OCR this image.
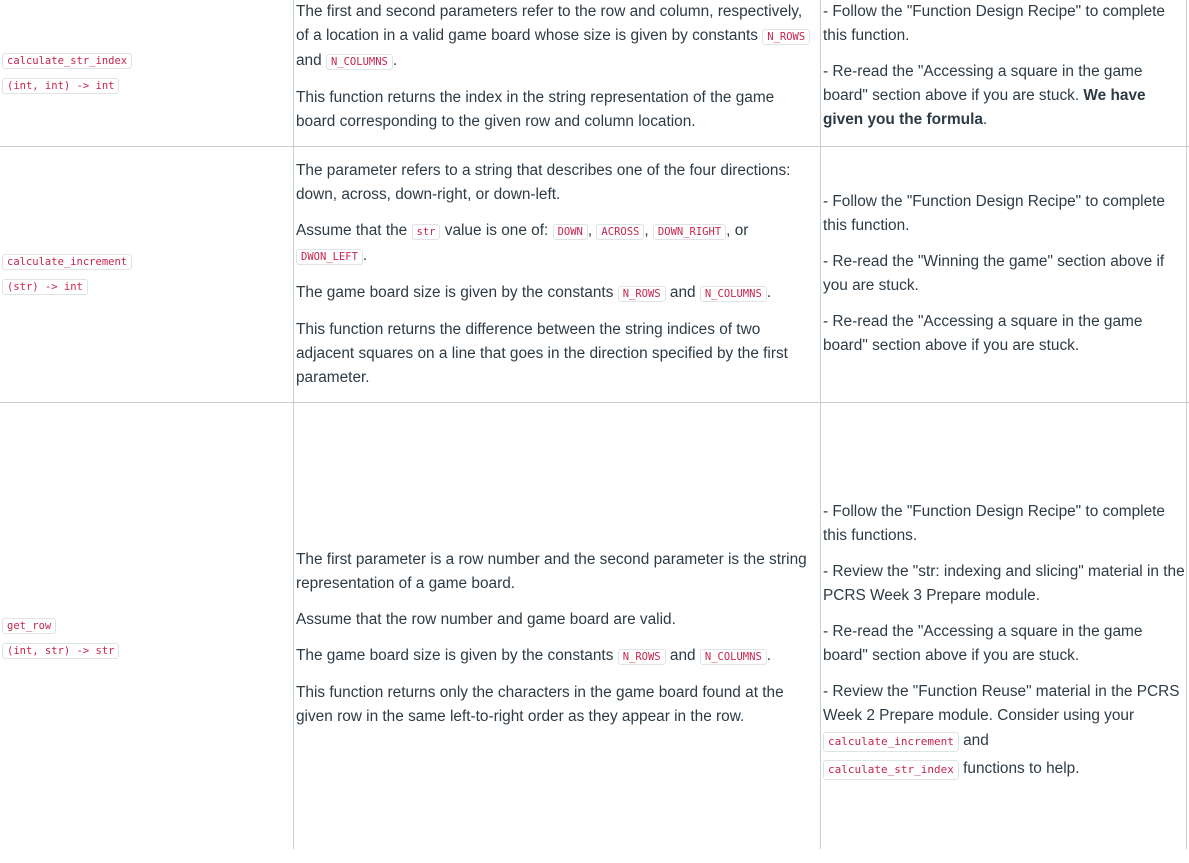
calculate_str_index
(int, int) -> int

The first and second parameters refer to the row and column, respectively, of a location in a valid game board whose size is given by constants N_ROWS and N_COLUMNS .

This function returns the index in the string representation of the game board corresponding to the given row and column location.

- Follow the "Function Design Recipe" to complete this function.

- Re-read the "Accessing a square in the game board" section above if you are stuck. We have given you the formula.

calculate_increment
(str) -> int

The parameter refers to a string that describes one of the four directions: down, across, down-right, or down-left.

Assume that the str value is one of: DOWN , ACROSS , DOWN_RIGHT , or DWON_LEFT .

The game board size is given by the constants N_ROWS and N_COLUMNS .

This function returns the difference between the string indices of two adjacent squares on a line that goes in the direction specified by the first parameter.

- Follow the "Function Design Recipe" to complete this function.

- Re-read the "Winning the game" section above if you are stuck.

- Re-read the "Accessing a square in the game board" section above if you are stuck.

get_row
(int, str) -> str

The first parameter is a row number and the second parameter is the string representation of a game board.

Assume that the row number and game board are valid.

The game board size is given by the constants N_ROWS and N_COLUMNS .

This function returns only the characters in the game board found at the given row in the same left-to-right order as they appear in the row.

- Follow the "Function Design Recipe" to complete this functions.

- Review the "str: indexing and slicing" material in the PCRS Week 3 Prepare module.

- Re-read the "Accessing a square in the game board" section above if you are stuck.

- Review the "Function Reuse" material in the PCRS Week 2 Prepare module. Consider using your
calculate_increment and
calculate_str_index functions to help.
